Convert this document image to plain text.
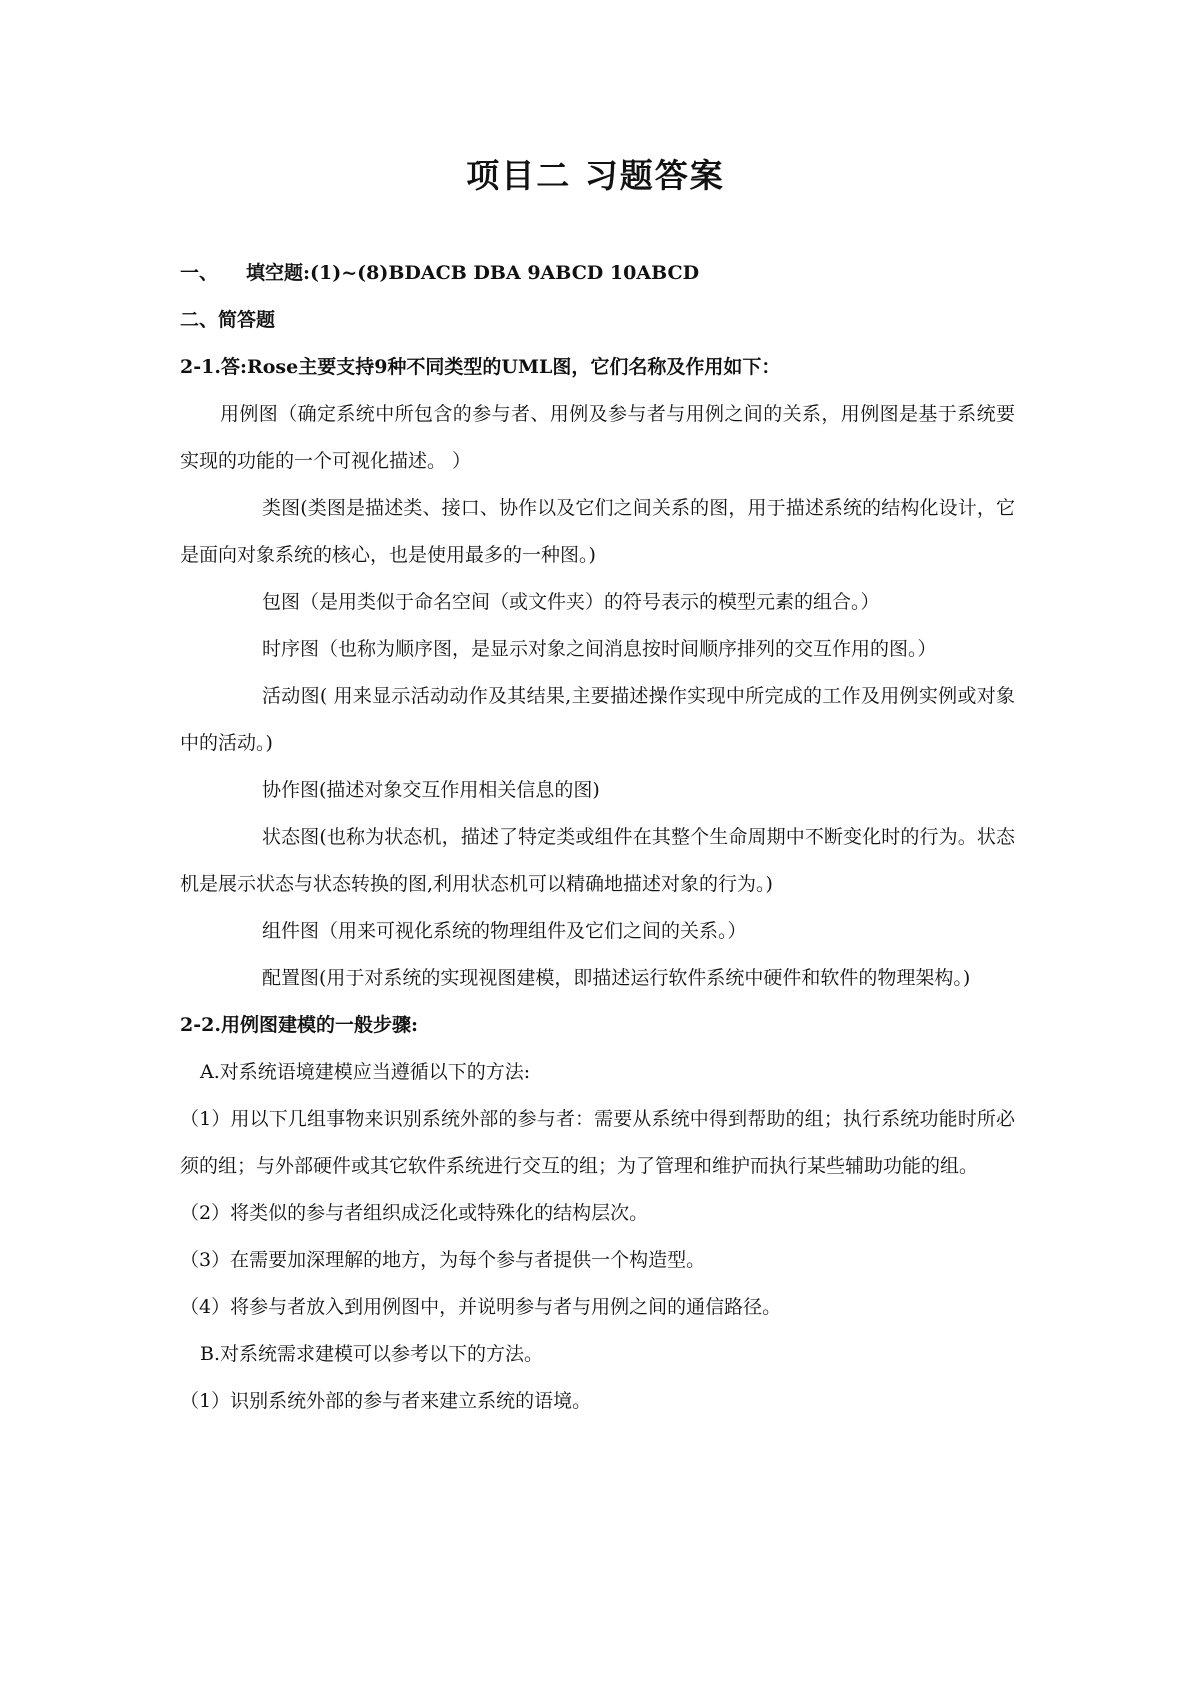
项目二 习题答案

一、 填空题:(1)~(8)BDACB DBA 9ABCD 10ABCD

二、简答题

2-1.答:Rose主要支持9种不同类型的UML图，它们名称及作用如下：

用例图（确定系统中所包含的参与者、用例及参与者与用例之间的关系，用例图是基于系统要实现的功能的一个可视化描述。 ）

类图(类图是描述类、接口、协作以及它们之间关系的图，用于描述系统的结构化设计，它是面向对象系统的核心，也是使用最多的一种图。)

包图（是用类似于命名空间（或文件夹）的符号表示的模型元素的组合。）

时序图（也称为顺序图，是显示对象之间消息按时间顺序排列的交互作用的图。）

活动图( 用来显示活动动作及其结果,主要描述操作实现中所完成的工作及用例实例或对象中的活动。)

协作图(描述对象交互作用相关信息的图)

状态图(也称为状态机，描述了特定类或组件在其整个生命周期中不断变化时的行为。状态机是展示状态与状态转换的图,利用状态机可以精确地描述对象的行为。)

组件图（用来可视化系统的物理组件及它们之间的关系。）

配置图(用于对系统的实现视图建模，即描述运行软件系统中硬件和软件的物理架构。)

2-2.用例图建模的一般步骤:

A.对系统语境建模应当遵循以下的方法:

（1）用以下几组事物来识别系统外部的参与者：需要从系统中得到帮助的组；执行系统功能时所必须的组；与外部硬件或其它软件系统进行交互的组；为了管理和维护而执行某些辅助功能的组。

（2）将类似的参与者组织成泛化或特殊化的结构层次。

（3）在需要加深理解的地方，为每个参与者提供一个构造型。

（4）将参与者放入到用例图中，并说明参与者与用例之间的通信路径。

B.对系统需求建模可以参考以下的方法。

（1）识别系统外部的参与者来建立系统的语境。
